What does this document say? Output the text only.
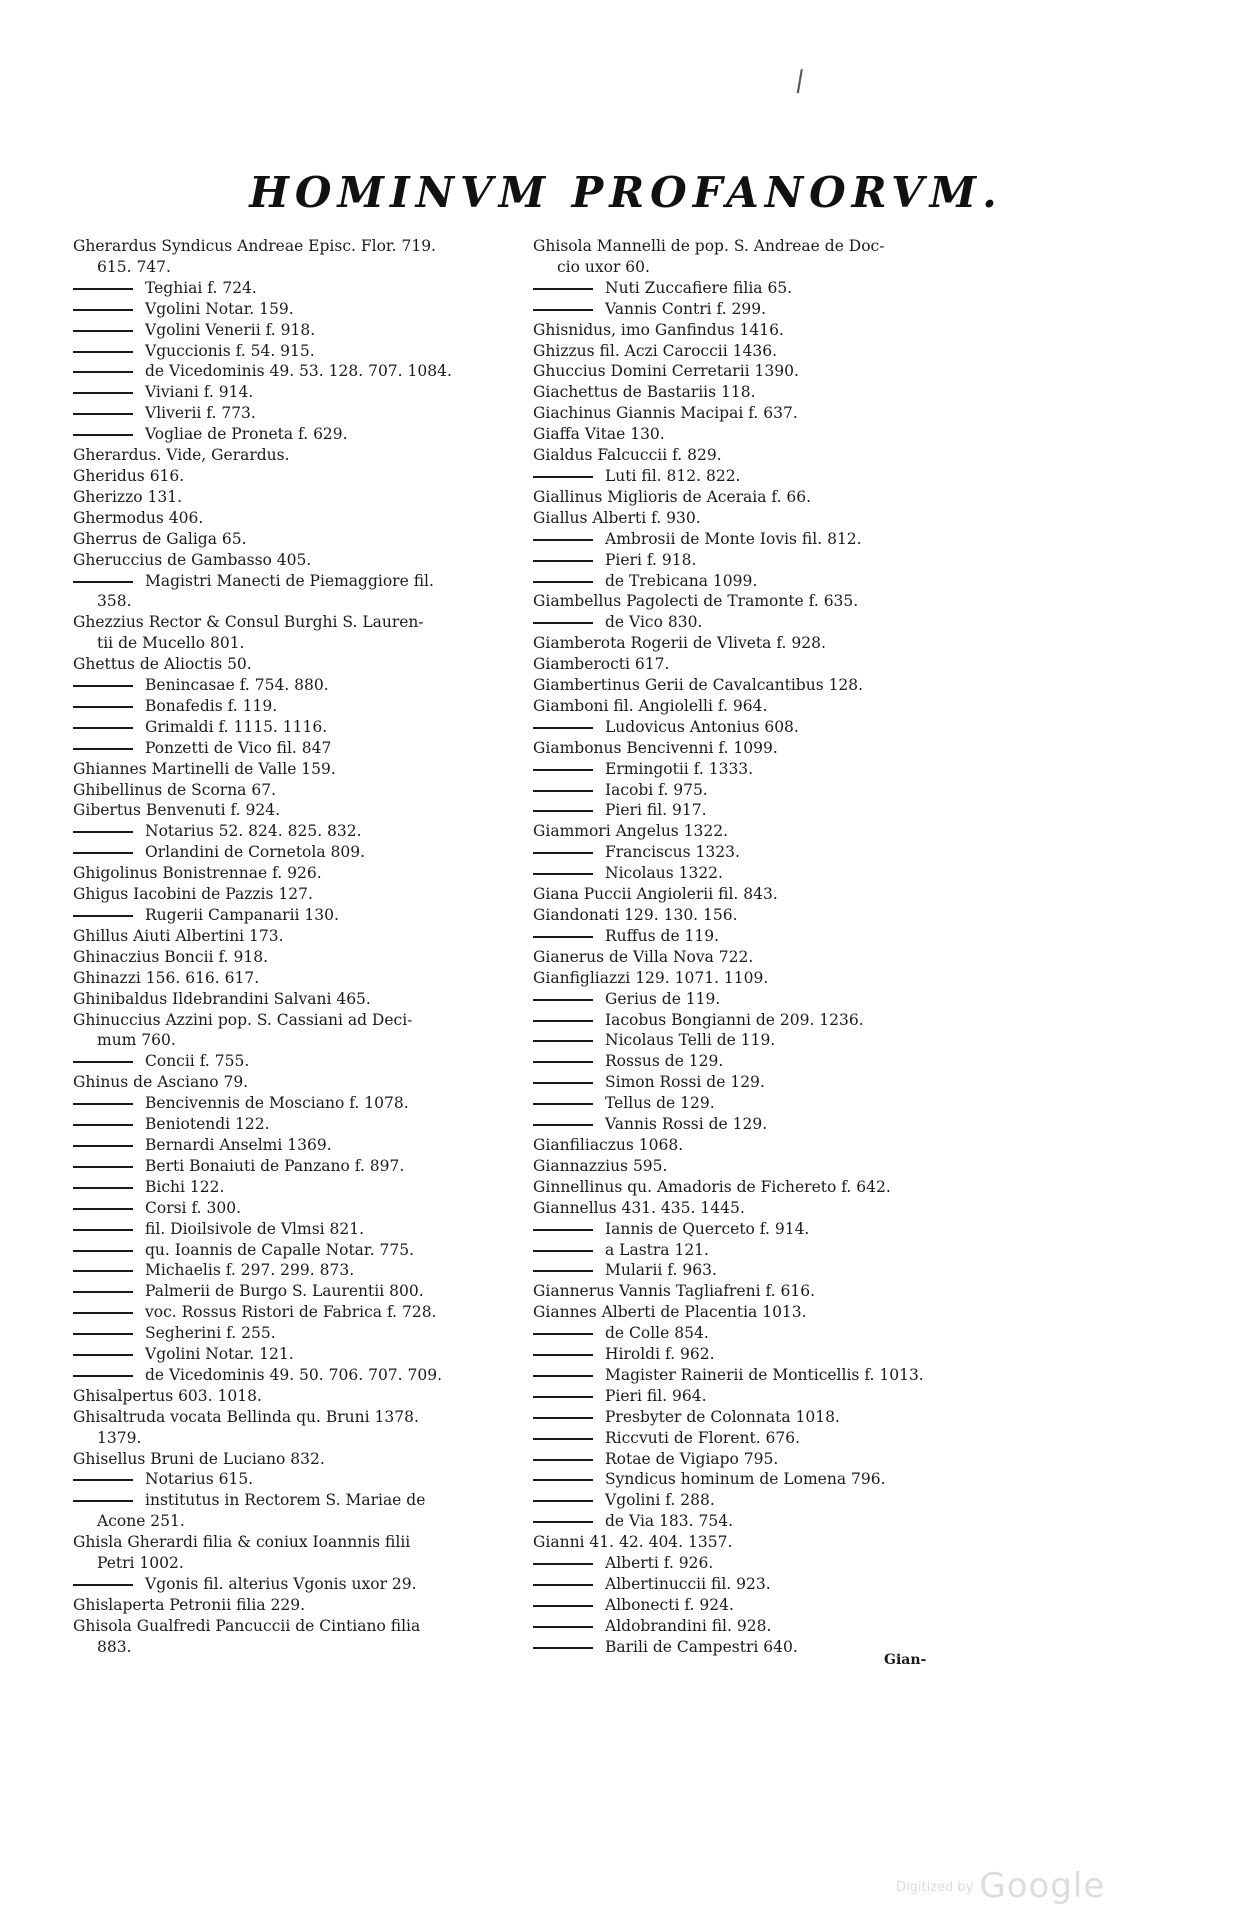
/
HOMINVM PROFANORVM.
Gherardus Syndicus Andreae Episc. Flor. 719.
615. 747.
Teghiai f. 724.
Vgolini Notar. 159.
Vgolini Venerii f. 918.
Vguccionis f. 54. 915.
de Vicedominis 49. 53. 128. 707. 1084.
Viviani f. 914.
Vliverii f. 773.
Vogliae de Proneta f. 629.
Gherardus. Vide, Gerardus.
Gheridus 616.
Gherizzo 131.
Ghermodus 406.
Gherrus de Galiga 65.
Gheruccius de Gambasso 405.
Magistri Manecti de Piemaggiore fil.
358.
Ghezzius Rector & Consul Burghi S. Lauren-
tii de Mucello 801.
Ghettus de Alioctis 50.
Benincasae f. 754. 880.
Bonafedis f. 119.
Grimaldi f. 1115. 1116.
Ponzetti de Vico fil. 847
Ghiannes Martinelli de Valle 159.
Ghibellinus de Scorna 67.
Gibertus Benvenuti f. 924.
Notarius 52. 824. 825. 832.
Orlandini de Cornetola 809.
Ghigolinus Bonistrennae f. 926.
Ghigus Iacobini de Pazzis 127.
Rugerii Campanarii 130.
Ghillus Aiuti Albertini 173.
Ghinaczius Boncii f. 918.
Ghinazzi 156. 616. 617.
Ghinibaldus Ildebrandini Salvani 465.
Ghinuccius Azzini pop. S. Cassiani ad Deci-
mum 760.
Concii f. 755.
Ghinus de Asciano 79.
Bencivennis de Mosciano f. 1078.
Beniotendi 122.
Bernardi Anselmi 1369.
Berti Bonaiuti de Panzano f. 897.
Bichi 122.
Corsi f. 300.
fil. Dioilsivole de Vlmsi 821.
qu. Ioannis de Capalle Notar. 775.
Michaelis f. 297. 299. 873.
Palmerii de Burgo S. Laurentii 800.
voc. Rossus Ristori de Fabrica f. 728.
Segherini f. 255.
Vgolini Notar. 121.
de Vicedominis 49. 50. 706. 707. 709.
Ghisalpertus 603. 1018.
Ghisaltruda vocata Bellinda qu. Bruni 1378.
1379.
Ghisellus Bruni de Luciano 832.
Notarius 615.
institutus in Rectorem S. Mariae de
Acone 251.
Ghisla Gherardi filia & coniux Ioannnis filii
Petri 1002.
Vgonis fil. alterius Vgonis uxor 29.
Ghislaperta Petronii filia 229.
Ghisola Gualfredi Pancuccii de Cintiano filia
883.
Ghisola Mannelli de pop. S. Andreae de Doc-
cio uxor 60.
Nuti Zuccafiere filia 65.
Vannis Contri f. 299.
Ghisnidus, imo Ganfindus 1416.
Ghizzus fil. Aczi Caroccii 1436.
Ghuccius Domini Cerretarii 1390.
Giachettus de Bastariis 118.
Giachinus Giannis Macipai f. 637.
Giaffa Vitae 130.
Gialdus Falcuccii f. 829.
Luti fil. 812. 822.
Giallinus Miglioris de Aceraia f. 66.
Giallus Alberti f. 930.
Ambrosii de Monte Iovis fil. 812.
Pieri f. 918.
de Trebicana 1099.
Giambellus Pagolecti de Tramonte f. 635.
de Vico 830.
Giamberota Rogerii de Vliveta f. 928.
Giamberocti 617.
Giambertinus Gerii de Cavalcantibus 128.
Giamboni fil. Angiolelli f. 964.
Ludovicus Antonius 608.
Giambonus Bencivenni f. 1099.
Ermingotii f. 1333.
Iacobi f. 975.
Pieri fil. 917.
Giammori Angelus 1322.
Franciscus 1323.
Nicolaus 1322.
Giana Puccii Angiolerii fil. 843.
Giandonati 129. 130. 156.
Ruffus de 119.
Gianerus de Villa Nova 722.
Gianfigliazzi 129. 1071. 1109.
Gerius de 119.
Iacobus Bongianni de 209. 1236.
Nicolaus Telli de 119.
Rossus de 129.
Simon Rossi de 129.
Tellus de 129.
Vannis Rossi de 129.
Gianfiliaczus 1068.
Giannazzius 595.
Ginnellinus qu. Amadoris de Fichereto f. 642.
Giannellus 431. 435. 1445.
Iannis de Querceto f. 914.
a Lastra 121.
Mularii f. 963.
Giannerus Vannis Tagliafreni f. 616.
Giannes Alberti de Placentia 1013.
de Colle 854.
Hiroldi f. 962.
Magister Rainerii de Monticellis f. 1013.
Pieri fil. 964.
Presbyter de Colonnata 1018.
Riccvuti de Florent. 676.
Rotae de Vigiapo 795.
Syndicus hominum de Lomena 796.
Vgolini f. 288.
de Via 183. 754.
Gianni 41. 42. 404. 1357.
Alberti f. 926.
Albertinuccii fil. 923.
Alboneсti f. 924.
Aldobrandini fil. 928.
Barili de Campestri 640.
Gian-
Digitized by Google
